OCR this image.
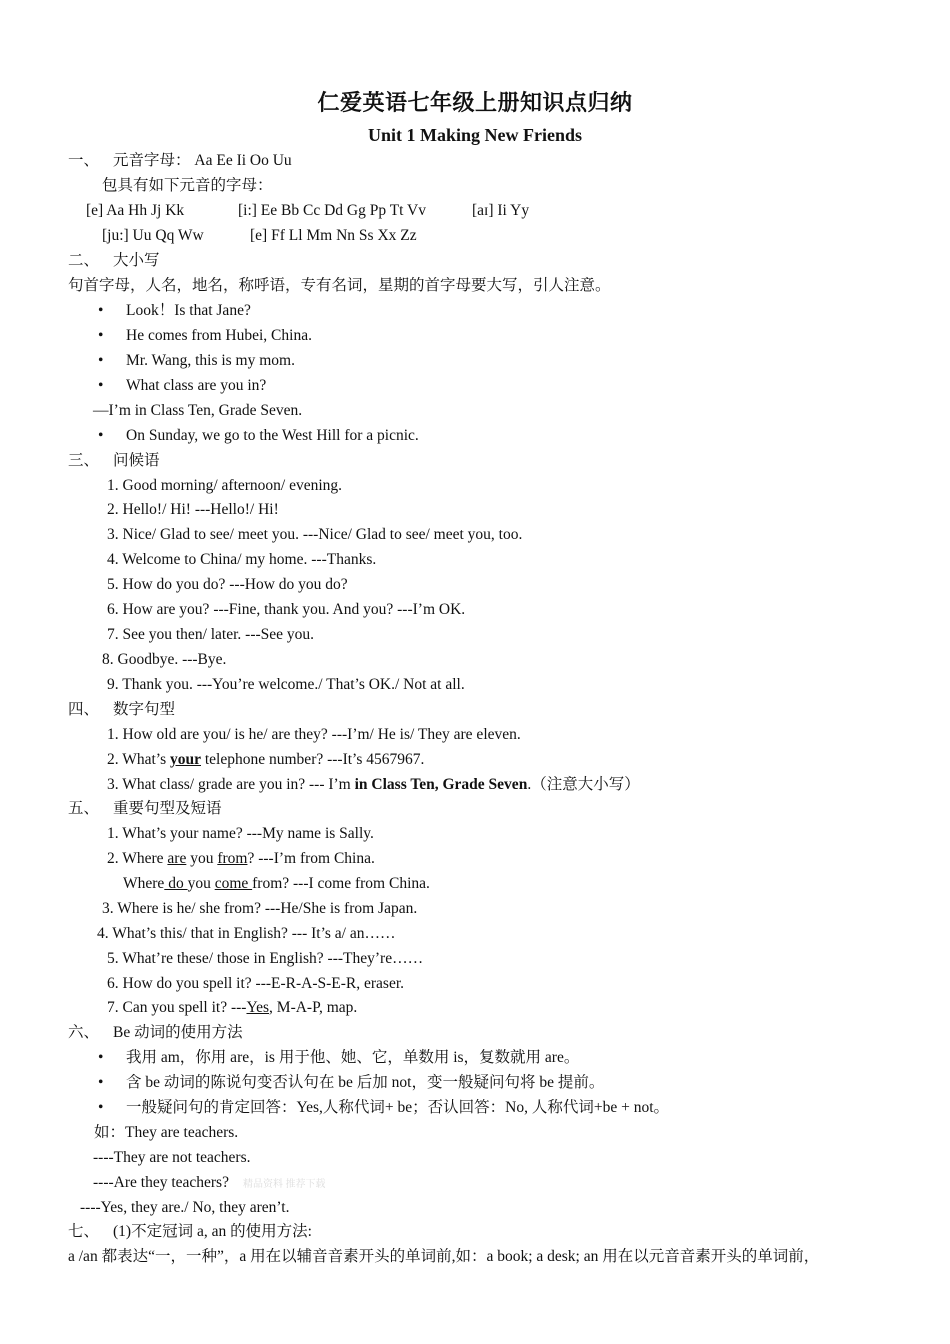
仁爱英语七年级上册知识点归纳
Unit 1 Making New Friends
一、 元音字母： Aa Ee Ii Oo Uu
包具有如下元音的字母：
[e] Aa Hh Jj Kk	[i:] Ee Bb Cc Dd Gg Pp Tt Vv	[aɪ] Ii Yy
[ju:] Uu Qq Ww	[e] Ff Ll Mm Nn Ss Xx Zz
二、 大小写
句首字母，人名，地名，称呼语，专有名词，星期的首字母要大写，引人注意。
• Look！Is that Jane?
• He comes from Hubei, China.
• Mr. Wang, this is my mom.
• What class are you in?
—I’m in Class Ten, Grade Seven.
• On Sunday, we go to the West Hill for a picnic.
三、 问候语
1. Good morning/ afternoon/ evening.
2. Hello!/ Hi! ---Hello!/ Hi!
3. Nice/ Glad to see/ meet you. ---Nice/ Glad to see/ meet you, too.
4. Welcome to China/ my home. ---Thanks.
5. How do you do? ---How do you do?
6. How are you? ---Fine, thank you. And you? ---I’m OK.
7. See you then/ later. ---See you.
8. Goodbye. ---Bye.
9. Thank you. ---You’re welcome./ That’s OK./ Not at all.
四、 数字句型
1. How old are you/ is he/ are they? ---I’m/ He is/ They are eleven.
2. What’s your telephone number? ---It’s 4567967.
3. What class/ grade are you in? --- I’m in Class Ten, Grade Seven.（注意大小写）
五、 重要句型及短语
1. What’s your name? ---My name is Sally.
2. Where are you from? ---I’m from China.
Where do you come from? ---I come from China.
3. Where is he/ she from? ---He/She is from Japan.
4. What’s this/ that in English? --- It’s a/ an……
5. What’re these/ those in English? ---They’re……
6. How do you spell it? ---E-R-A-S-E-R, eraser.
7. Can you spell it? ---Yes, M-A-P, map.
六、 Be 动词的使用方法
• 我用 am，你用 are，is 用于他、她、它，单数用 is，复数就用 are。
• 含 be 动词的陈说句变否认句在 be 后加 not，变一般疑问句将 be 提前。
• 一般疑问句的肯定回答：Yes,人称代词+ be；否认回答：No, 人称代词+be + not。
如：They are teachers.
----They are not teachers.
----Are they teachers? 精品资料 推荐下载
----Yes, they are./ No, they aren’t.
七、 (1)不定冠词 a, an 的使用方法:
a /an 都表达“一，一种”，a 用在以辅音音素开头的单词前,如：a book; a desk; an 用在以元音音素开头的单词前，
